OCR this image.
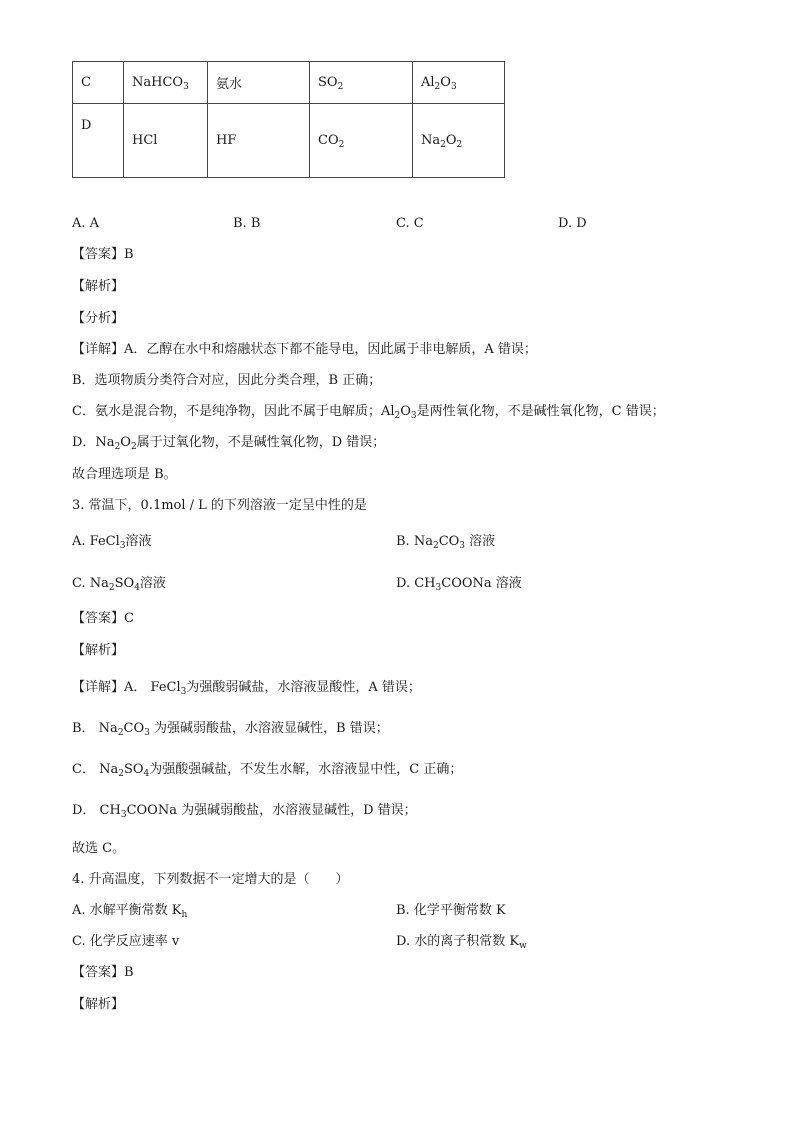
C	NaHCO$_3$	氨水	$SO_2$	$Al_2O_3$
D	HCl	HF	$CO_2$	$Na_2O_2$
A. A	B. B	C. C	D. D
【答案】B
【解析】
【分析】
【详解】A．乙醇在水中和熔融状态下都不能导电，因此属于非电解质，A 错误；
B．选项物质分类符合对应，因此分类合理，B 正确；
C．氨水是混合物，不是纯净物，因此不属于电解质；$Al_2O_3$是两性氧化物，不是碱性氧化物，C 错误；
D．$Na_2O_2$属于过氧化物，不是碱性氧化物，D 错误；
故合理选项是 B。
3. 常温下，0.1mol / L 的下列溶液一定呈中性的是
A. FeCl$_3$溶液	B. $Na_2CO_3$ 溶液
C. $Na_2SO_4$溶液	D. $CH_3COONa$ 溶液
【答案】C
【解析】
【详解】A． FeCl$_3$为强酸弱碱盐，水溶液显酸性，A 错误；
B． $Na_2CO_3$ 为强碱弱酸盐，水溶液显碱性，B 错误；
C． $Na_2SO_4$为强酸强碱盐，不发生水解，水溶液显中性，C 正确；
D． $CH_3COONa$ 为强碱弱酸盐，水溶液显碱性，D 错误；
故选 C。
4. 升高温度，下列数据不一定增大的是（　　）
A. 水解平衡常数 $K_h$	B. 化学平衡常数 K
C. 化学反应速率 v	D. 水的离子积常数 $K_w$
【答案】B
【解析】
